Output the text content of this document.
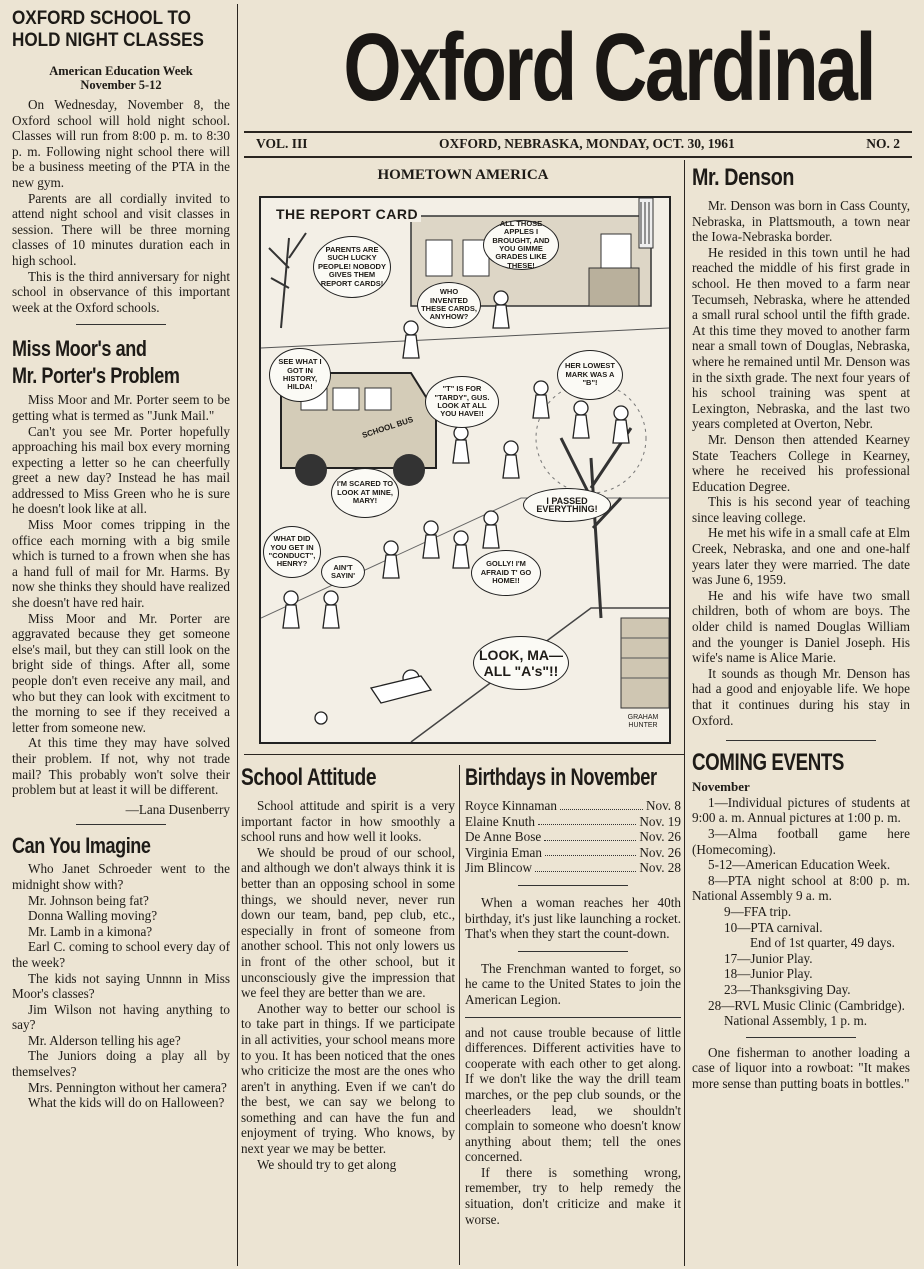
OXFORD SCHOOL TO
HOLD NIGHT CLASSES
American Education Week
November 5-12

On Wednesday, November 8, the Oxford school will hold night school. Classes will run from 8:00 p. m. to 8:30 p. m. Following night school there will be a business meeting of the PTA in the new gym.

Parents are all cordially invited to attend night school and visit classes in session. There will be three morning classes of 10 minutes duration each in high school.

This is the third anniversary for night school in observance of this important week at the Oxford schools.

Miss Moor's and
Mr. Porter's Problem

Miss Moor and Mr. Porter seem to be getting what is termed as "Junk Mail."

Can't you see Mr. Porter hopefully approaching his mail box every morning expecting a letter so he can cheerfully greet a new day? Instead he has mail addressed to Miss Green who he is sure he doesn't look like at all.

Miss Moor comes tripping in the office each morning with a big smile which is turned to a frown when she has a hand full of mail for Mr. Harms. By now she thinks they should have realized she doesn't have red hair.

Miss Moor and Mr. Porter are aggravated because they get someone else's mail, but they can still look on the bright side of things. After all, some people don't even receive any mail, and who but they can look with excitment to the morning to see if they received a letter from someone new.

At this time they may have solved their problem. If not, why not trade mail? This probably won't solve their problem but at least it will be different.

—Lana Dusenberry
Can You Imagine

Who Janet Schroeder went to the midnight show with?

Mr. Johnson being fat?

Donna Walling moving?

Mr. Lamb in a kimona?

Earl C. coming to school every day of the week?

The kids not saying Unnnn in Miss Moor's classes?

Jim Wilson not having anything to say?

Mr. Alderson telling his age?

The Juniors doing a play all by themselves?

Mrs. Pennington without her camera?

What the kids will do on Halloween?

Oxford Cardinal
VOL. III	OXFORD, NEBRASKA, MONDAY, OCT. 30, 1961	NO. 2
HOMETOWN AMERICA
THE REPORT CARD
SCHOOL BUS
GRAHAM HUNTER
ALL THOSE APPLES I BROUGHT, AND YOU GIMME GRADES LIKE THESE!
PARENTS ARE SUCH LUCKY PEOPLE! NOBODY GIVES THEM REPORT CARDS!
WHO INVENTED THESE CARDS, ANYHOW?
SEE WHAT I GOT IN HISTORY, HILDA!	"T" IS FOR "TARDY", GUS. LOOK AT ALL YOU HAVE!!
HER LOWEST MARK WAS A "B"!
I'M SCARED TO LOOK AT MINE, MARY!	I PASSED EVERYTHING!
WHAT DID YOU GET IN "CONDUCT", HENRY?	AIN'T SAYIN'
GOLLY! I'M AFRAID T' GO HOME!!
LOOK, MA— ALL "A's"!!
Mr. Denson

Mr. Denson was born in Cass County, Nebraska, in Plattsmouth, a town near the Iowa-Nebraska border.

He resided in this town until he had reached the middle of his first grade in school. He then moved to a farm near Tecumseh, Nebraska, where he attended a small rural school until the fifth grade. At this time they moved to another farm near a small town of Douglas, Nebraska, where he remained until Mr. Denson was in the sixth grade. The next four years of his school training was spent at Lexington, Nebraska, and the last two years completed at Overton, Nebr.

Mr. Denson then attended Kearney State Teachers College in Kearney, where he received his professional Education Degree.

This is his second year of teaching since leaving college.

He met his wife in a small cafe at Elm Creek, Nebraska, and one and one-half years later they were married. The date was June 6, 1959.

He and his wife have two small children, both of whom are boys. The older child is named Douglas William and the younger is Daniel Joseph. His wife's name is Alice Marie.

It sounds as though Mr. Denson has had a good and enjoyable life. We hope that it continues during his stay in Oxford.

COMING EVENTS
November

1—Individual pictures of students at 9:00 a. m. Annual pictures at 1:00 p. m.

3—Alma football game here (Homecoming).

5-12—American Education Week.

8—PTA night school at 8:00 p. m. National Assembly 9 a. m.

9—FFA trip.

10—PTA carnival.

End of 1st quarter, 49 days.

17—Junior Play.

18—Junior Play.

23—Thanksgiving Day.

28—RVL Music Clinic (Cambridge).

National Assembly, 1 p. m.

One fisherman to another loading a case of liquor into a rowboat: "It makes more sense than putting boats in bottles."

School Attitude

School attitude and spirit is a very important factor in how smoothly a school runs and how well it looks.

We should be proud of our school, and although we don't always think it is better than an opposing school in some things, we should never, never run down our team, band, pep club, etc., especially in front of someone from another school. This not only lowers us in front of the other school, but it unconsciously give the impression that we feel they are better than we are.

Another way to better our school is to take part in things. If we participate in all activities, your school means more to you. It has been noticed that the ones who criticize the most are the ones who aren't in anything. Even if we can't do the best, we can say we belong to something and can have the fun and enjoyment of trying. Who knows, by next year we may be better.

We should try to get along

Birthdays in November
Royce Kinnaman	Nov. 8
Elaine Knuth	Nov. 19
De Anne Bose	Nov. 26
Virginia Eman	Nov. 26
Jim Blincow	Nov. 28

When a woman reaches her 40th birthday, it's just like launching a rocket. That's when they start the count-down.

The Frenchman wanted to forget, so he came to the United States to join the American Legion.

and not cause trouble because of little differences. Different activities have to cooperate with each other to get along. If we don't like the way the drill team marches, or the pep club sounds, or the cheerleaders lead, we shouldn't complain to someone who doesn't know anything about them; tell the ones concerned.

If there is something wrong, remember, try to help remedy the situation, don't criticize and make it worse.
